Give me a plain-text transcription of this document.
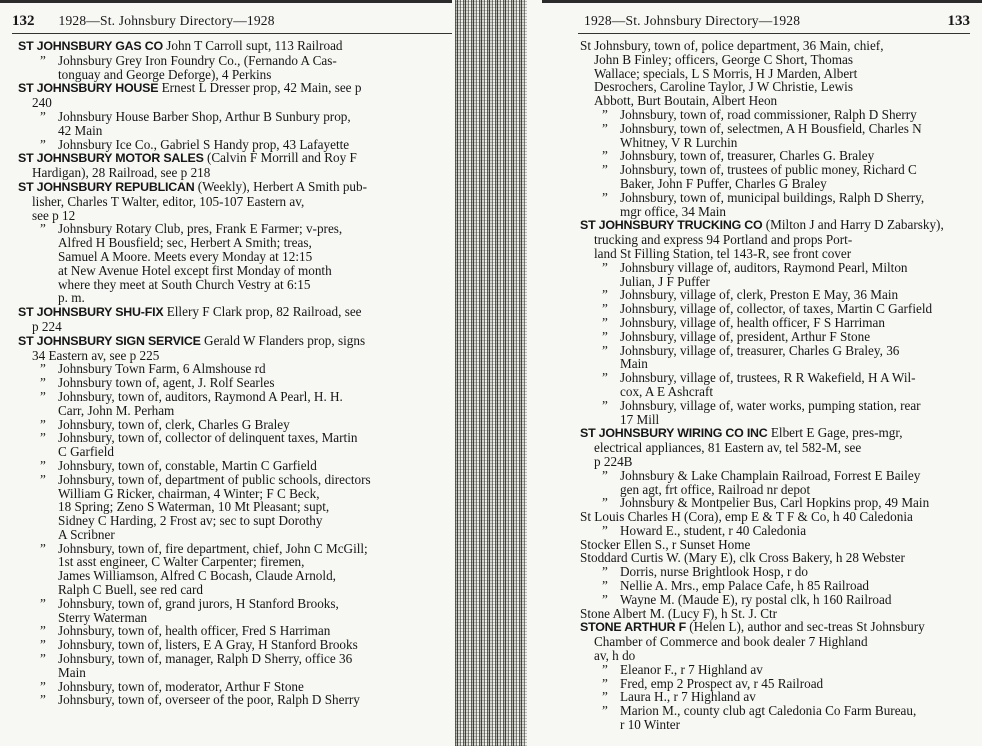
132 1928—St. Johnsbury Directory—1928
ST JOHNSBURY GAS CO John T Carroll supt, 113 Railroad
” Johnsbury Grey Iron Foundry Co., (Fernando A Cas-
tonguay and George Deforge), 4 Perkins
ST JOHNSBURY HOUSE Ernest L Dresser prop, 42 Main, see p
240
” Johnsbury House Barber Shop, Arthur B Sunbury prop,
42 Main
” Johnsbury Ice Co., Gabriel S Handy prop, 43 Lafayette
ST JOHNSBURY MOTOR SALES (Calvin F Morrill and Roy F
Hardigan), 28 Railroad, see p 218
ST JOHNSBURY REPUBLICAN (Weekly), Herbert A Smith pub-
lisher, Charles T Walter, editor, 105-107 Eastern av,
see p 12
” Johnsbury Rotary Club, pres, Frank E Farmer; v-pres,
Alfred H Bousfield; sec, Herbert A Smith; treas,
Samuel A Moore. Meets every Monday at 12:15
at New Avenue Hotel except first Monday of month
where they meet at South Church Vestry at 6:15
p. m.
ST JOHNSBURY SHU-FIX Ellery F Clark prop, 82 Railroad, see
p 224
ST JOHNSBURY SIGN SERVICE Gerald W Flanders prop, signs
34 Eastern av, see p 225
” Johnsbury Town Farm, 6 Almshouse rd
” Johnsbury town of, agent, J. Rolf Searles
” Johnsbury, town of, auditors, Raymond A Pearl, H. H.
Carr, John M. Perham
” Johnsbury, town of, clerk, Charles G Braley
” Johnsbury, town of, collector of delinquent taxes, Martin
C Garfield
” Johnsbury, town of, constable, Martin C Garfield
” Johnsbury, town of, department of public schools, directors
William G Ricker, chairman, 4 Winter; F C Beck,
18 Spring; Zeno S Waterman, 10 Mt Pleasant; supt,
Sidney C Harding, 2 Frost av; sec to supt Dorothy
A Scribner
” Johnsbury, town of, fire department, chief, John C McGill;
1st asst engineer, C Walter Carpenter; firemen,
James Williamson, Alfred C Bocash, Claude Arnold,
Ralph C Buell, see red card
” Johnsbury, town of, grand jurors, H Stanford Brooks,
Sterry Waterman
” Johnsbury, town of, health officer, Fred S Harriman
” Johnsbury, town of, listers, E A Gray, H Stanford Brooks
” Johnsbury, town of, manager, Ralph D Sherry, office 36
Main
” Johnsbury, town of, moderator, Arthur F Stone
” Johnsbury, town of, overseer of the poor, Ralph D Sherry
1928—St. Johnsbury Directory—1928	133
St Johnsbury, town of, police department, 36 Main, chief,
John B Finley; officers, George C Short, Thomas
Wallace; specials, L S Morris, H J Marden, Albert
Desrochers, Caroline Taylor, J W Christie, Lewis
Abbott, Burt Boutain, Albert Heon
” Johnsbury, town of, road commissioner, Ralph D Sherry
” Johnsbury, town of, selectmen, A H Bousfield, Charles N
Whitney, V R Lurchin
” Johnsbury, town of, treasurer, Charles G. Braley
” Johnsbury, town of, trustees of public money, Richard C
Baker, John F Puffer, Charles G Braley
” Johnsbury, town of, municipal buildings, Ralph D Sherry,
mgr office, 34 Main
ST JOHNSBURY TRUCKING CO (Milton J and Harry D Zabarsky),
trucking and express 94 Portland and props Port-
land St Filling Station, tel 143-R, see front cover
” Johnsbury village of, auditors, Raymond Pearl, Milton
Julian, J F Puffer
” Johnsbury, village of, clerk, Preston E May, 36 Main
” Johnsbury, village of, collector, of taxes, Martin C Garfield
” Johnsbury, village of, health officer, F S Harriman
” Johnsbury, village of, president, Arthur F Stone
” Johnsbury, village of, treasurer, Charles G Braley, 36
Main
” Johnsbury, village of, trustees, R R Wakefield, H A Wil-
cox, A E Ashcraft
” Johnsbury, village of, water works, pumping station, rear
17 Mill
ST JOHNSBURY WIRING CO INC Elbert E Gage, pres-mgr,
electrical appliances, 81 Eastern av, tel 582-M, see
p 224B
” Johnsbury & Lake Champlain Railroad, Forrest E Bailey
gen agt, frt office, Railroad nr depot
” Johnsbury & Montpelier Bus, Carl Hopkins prop, 49 Main
St Louis Charles H (Cora), emp E & T F & Co, h 40 Caledonia
” Howard E., student, r 40 Caledonia
Stocker Ellen S., r Sunset Home
Stoddard Curtis W. (Mary E), clk Cross Bakery, h 28 Webster
” Dorris, nurse Brightlook Hosp, r do
” Nellie A. Mrs., emp Palace Cafe, h 85 Railroad
” Wayne M. (Maude E), ry postal clk, h 160 Railroad
Stone Albert M. (Lucy F), h St. J. Ctr
STONE ARTHUR F (Helen L), author and sec-treas St Johnsbury
Chamber of Commerce and book dealer 7 Highland
av, h do
” Eleanor F., r 7 Highland av
” Fred, emp 2 Prospect av, r 45 Railroad
” Laura H., r 7 Highland av
” Marion M., county club agt Caledonia Co Farm Bureau,
r 10 Winter
